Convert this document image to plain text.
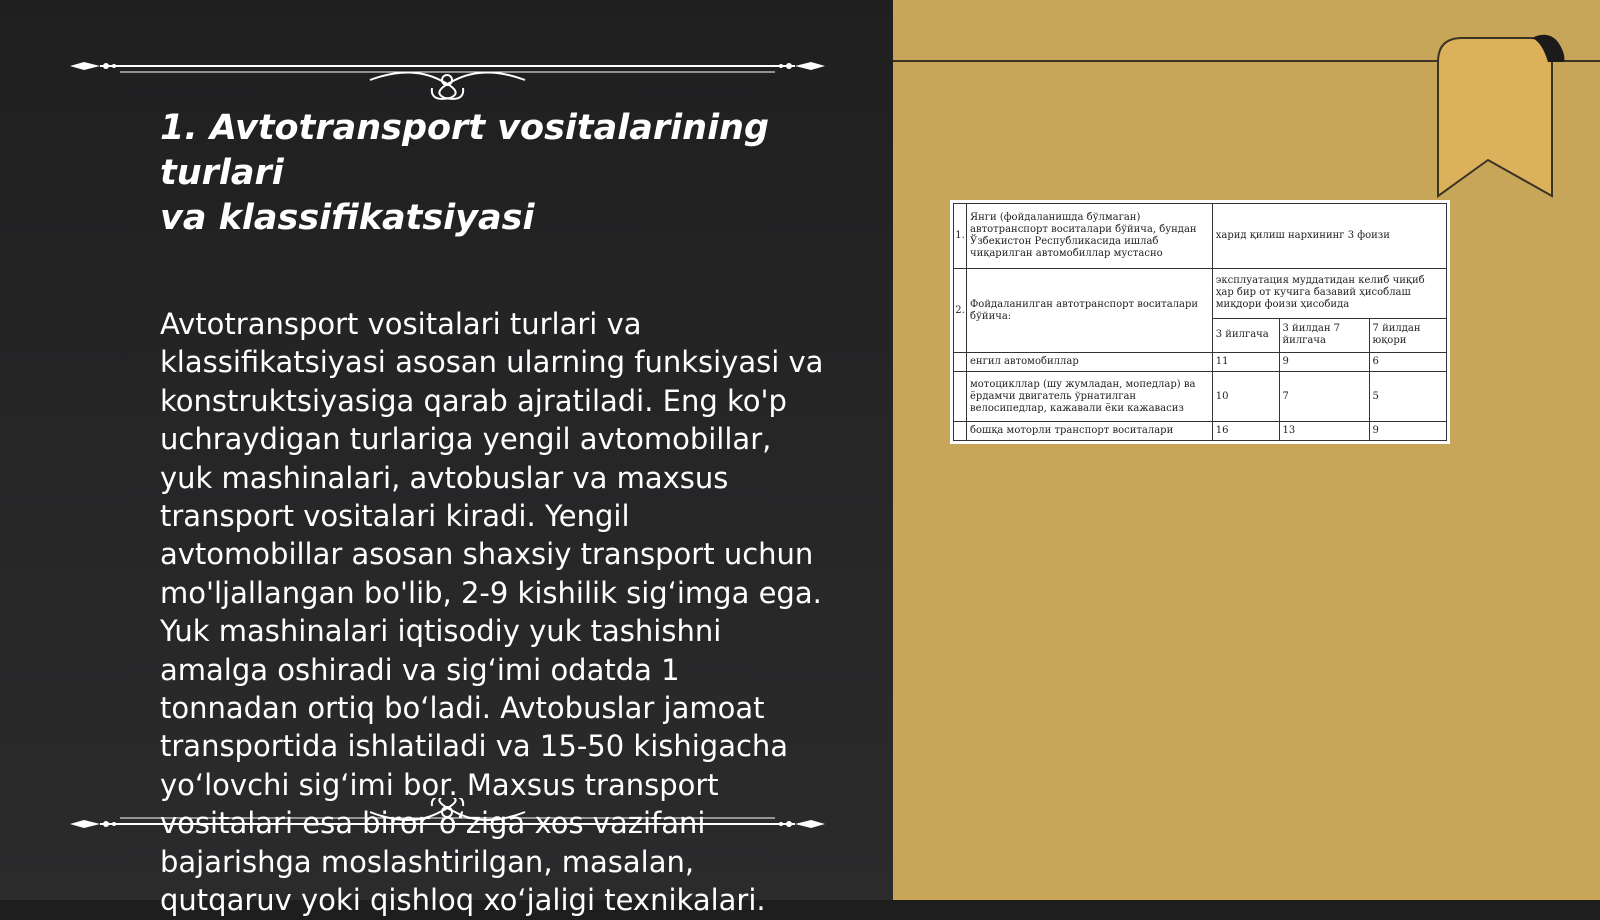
1. Avtotransport vositalarining turlari
va klassifikatsiyasi
Avtotransport vositalari turlari va
klassifikatsiyasi asosan ularning funksiyasi va
konstruktsiyasiga qarab ajratiladi. Eng ko'p
uchraydigan turlariga yengil avtomobillar,
yuk mashinalari, avtobuslar va maxsus
transport vositalari kiradi. Yengil
avtomobillar asosan shaxsiy transport uchun
mo'ljallangan bo'lib, 2-9 kishilik sig‘imga ega.
Yuk mashinalari iqtisodiy yuk tashishni
amalga oshiradi va sig‘imi odatda 1
tonnadan ortiq bo‘ladi. Avtobuslar jamoat
transportida ishlatiladi va 15-50 kishigacha
yo‘lovchi sig‘imi bor. Maxsus transport
vositalari esa biror o‘ziga xos vazifani
bajarishga moslashtirilgan, masalan,
qutqaruv yoki qishloq xo‘jaligi texnikalari.
1.	Янги (фойдаланишда бўлмаган) автотранспорт воситалари бўйича, бундан Ўзбекистон Республикасида ишлаб чиқарилган автомобиллар мустасно	харид қилиш нархининг 3 фоизи		
2.	Фойдаланилган автотранспорт воситалари бўйича:	эксплуатация муддатидан келиб чиқиб ҳар бир от кучига базавий ҳисоблаш миқдори фоизи ҳисобида		
		3 йилгача	3 йилдан 7 йилгача	7 йилдан юқори
	енгил автомобиллар	11	9	6
	мотоцикллар (шу жумладан, мопедлар) ва ёрдамчи двигатель ўрнатилган велосипедлар, кажавали ёки кажавасиз	10	7	5
	бошқа моторли транспорт воситалари	16	13	9
